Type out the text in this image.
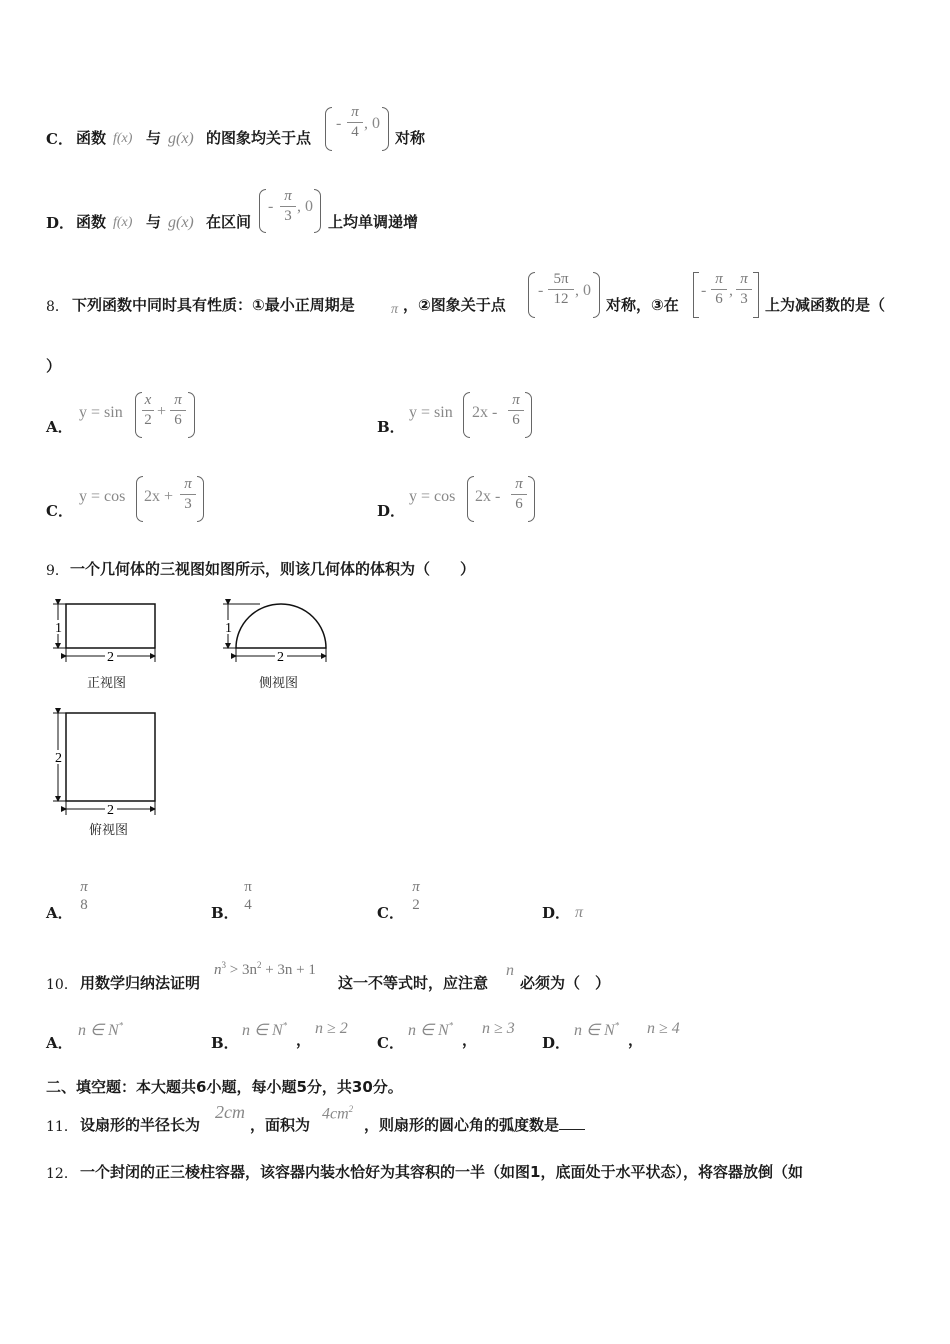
C． 函数 f(x) 与 g(x) 的图象均关于点
-
π
4 , 0
对称
D． 函数 f(x) 与 g(x) 在区间
-
π
3
, 0
上均单调递增
8． 下列函数中同时具有性质：①最小正周期是	π ，②图象关于点
-
5π
12 , 0
对称，③在
-
π
6 ,
π
3 上为减函数的是（
）
A．
y = sin
x
2 +
π
6	B．
y = sin 2x -
π
6
C．
y = cos 2x +
π
3	D．
y = cos 2x -
π
6
9． 一个几何体的三视图如图所示，则该几何体的体积为（　　）
1
2
正视图
1
2
侧视图
2
2
俯视图
A．
π
8	B．
π
4	C．
π
2	D． π
10． 用数学归纳法证明
$n^3 > 3n^2 + 3n + 1$
这一不等式时，应注意
n
必须为（　）
A．
n ∈ N*
B．
n ∈ N*
，
n ≥ 2
C．
n ∈ N*
，
n ≥ 3
D．
n ∈ N*
，
n ≥ 4
二、填空题：本大题共6小题，每小题5分，共30分。
11． 设扇形的半径长为
2cm
，面积为
$4cm^2$
，则扇形的圆心角的弧度数是
12． 一个封闭的正三棱柱容器，该容器内装水恰好为其容积的一半（如图1，底面处于水平状态），将容器放倒（如
